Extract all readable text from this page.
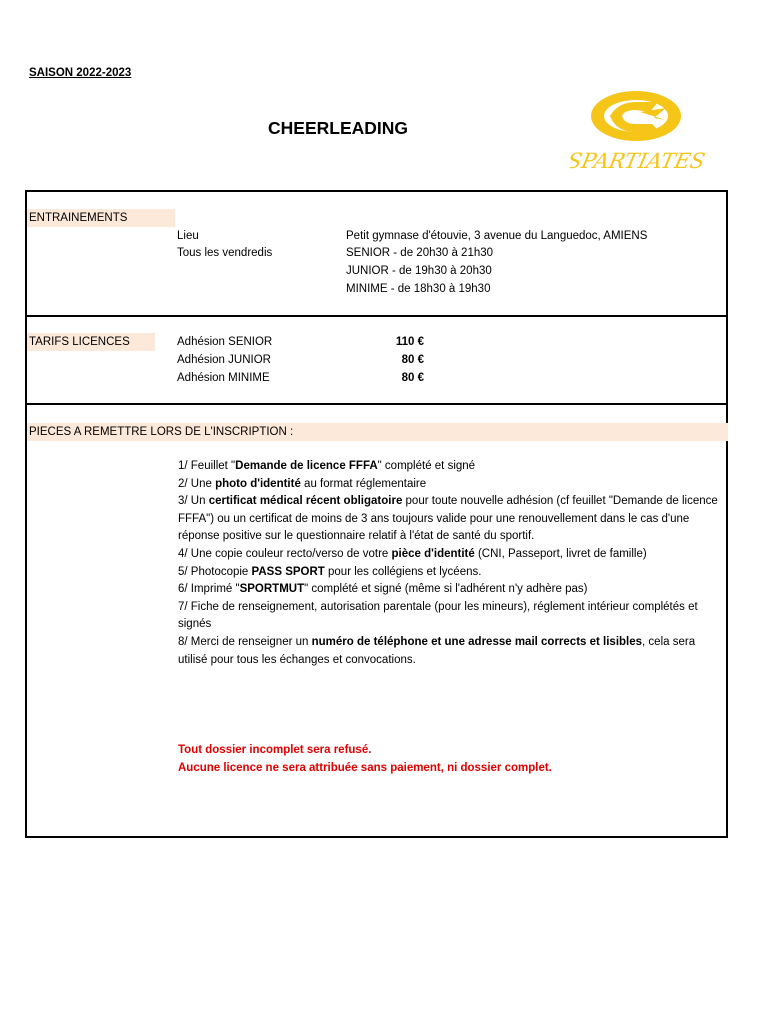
SAISON 2022-2023
CHEERLEADING
SPARTIATES
ENTRAINEMENTS
Lieu	Petit gymnase d'étouvie, 3 avenue du Languedoc, AMIENS
Tous les vendredis	SENIOR - de 20h30 à 21h30
JUNIOR - de 19h30 à 20h30
MINIME - de 18h30 à 19h30
TARIFS LICENCES	Adhésion SENIOR	110 €
Adhésion JUNIOR	80 €
Adhésion MINIME	80 €
PIECES A REMETTRE LORS DE L'INSCRIPTION :
1/ Feuillet "Demande de licence FFFA" complété et signé
2/ Une photo d'identité au format réglementaire
3/ Un certificat médical récent obligatoire pour toute nouvelle adhésion (cf feuillet "Demande de licence FFFA") ou un certificat de moins de 3 ans toujours valide pour une renouvellement dans le cas d'une réponse positive sur le questionnaire relatif à l'état de santé du sportif.
4/ Une copie couleur recto/verso de votre pièce d'identité (CNI, Passeport, livret de famille)
5/ Photocopie PASS SPORT pour les collégiens et lycéens.
6/ Imprimé "SPORTMUT" complété et signé (même si l'adhérent n'y adhère pas)
7/ Fiche de renseignement, autorisation parentale (pour les mineurs), réglement intérieur complétés et signés
8/ Merci de renseigner un numéro de téléphone et une adresse mail corrects et lisibles, cela sera utilisé pour tous les échanges et convocations.
Tout dossier incomplet sera refusé.
Aucune licence ne sera attribuée sans paiement, ni dossier complet.
